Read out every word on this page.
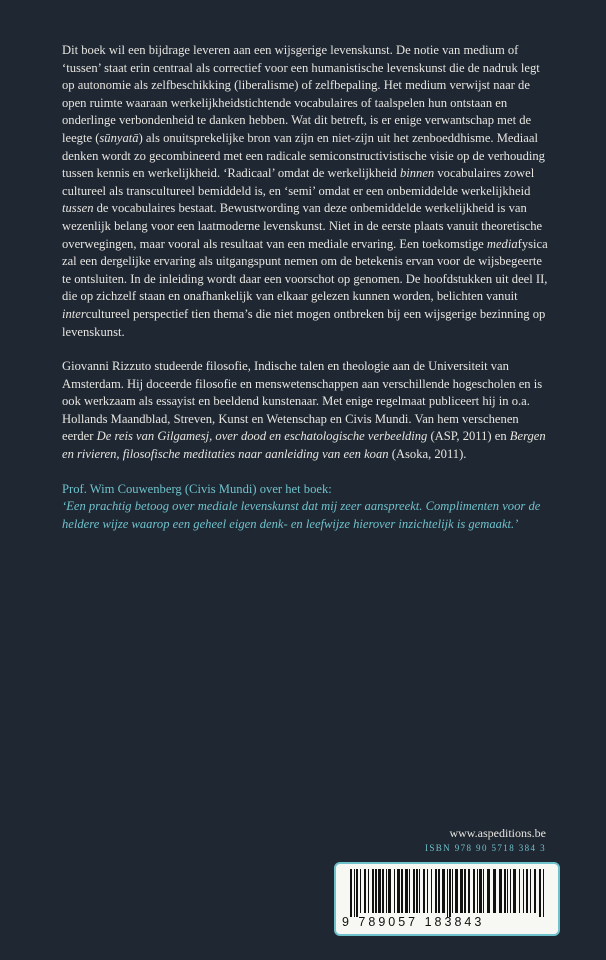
Dit boek wil een bijdrage leveren aan een wijsgerige levenskunst. De notie van medium of ‘tussen’ staat erin centraal als correctief voor een humanistische levenskunst die de nadruk legt op autonomie als zelfbeschikking (liberalisme) of zelfbepaling. Het medium verwijst naar de open ruimte waaraan werkelijkheidstichtende vocabulaires of taalspelen hun ontstaan en onderlinge verbondenheid te danken hebben. Wat dit betreft, is er enige verwantschap met de leegte (sūnyatā) als onuitsprekelijke bron van zijn en niet-zijn uit het zenboeddhisme. Mediaal denken wordt zo gecombineerd met een radicale semiconstructivistische visie op de verhouding tussen kennis en werkelijkheid. ‘Radicaal’ omdat de werkelijkheid binnen vocabulaires zowel cultureel als transcultureel bemiddeld is, en ‘semi’ omdat er een onbemiddelde werkelijkheid tussen de vocabulaires bestaat. Bewustwording van deze onbemiddelde werkelijkheid is van wezenlijk belang voor een laatmoderne levenskunst. Niet in de eerste plaats vanuit theoretische overwegingen, maar vooral als resultaat van een mediale ervaring. Een toekomstige mediafysica zal een dergelijke ervaring als uitgangspunt nemen om de betekenis ervan voor de wijsbegeerte te ontsluiten. In de inleiding wordt daar een voorschot op genomen. De hoofdstukken uit deel II, die op zichzelf staan en onafhankelijk van elkaar gelezen kunnen worden, belichten vanuit intercultureel perspectief tien thema’s die niet mogen ontbreken bij een wijsgerige bezinning op levenskunst.

Giovanni Rizzuto studeerde filosofie, Indische talen en theologie aan de Universiteit van Amsterdam. Hij doceerde filosofie en menswetenschappen aan verschillende hogescholen en is ook werkzaam als essayist en beeldend kunstenaar. Met enige regelmaat publiceert hij in o.a. Hollands Maandblad, Streven, Kunst en Wetenschap en Civis Mundi. Van hem verschenen eerder De reis van Gilgamesj, over dood en eschatologische verbeelding (ASP, 2011) en Bergen en rivieren, filosofische meditaties naar aanleiding van een koan (Asoka, 2011).

Prof. Wim Couwenberg (Civis Mundi) over het boek:

‘Een prachtig betoog over mediale levenskunst dat mij zeer aanspreekt. Complimenten voor de heldere wijze waarop een geheel eigen denk- en leefwijze hierover inzichtelijk is gemaakt.’

www.aspeditions.be
ISBN 978 90 5718 384 3
9 789057 183843
